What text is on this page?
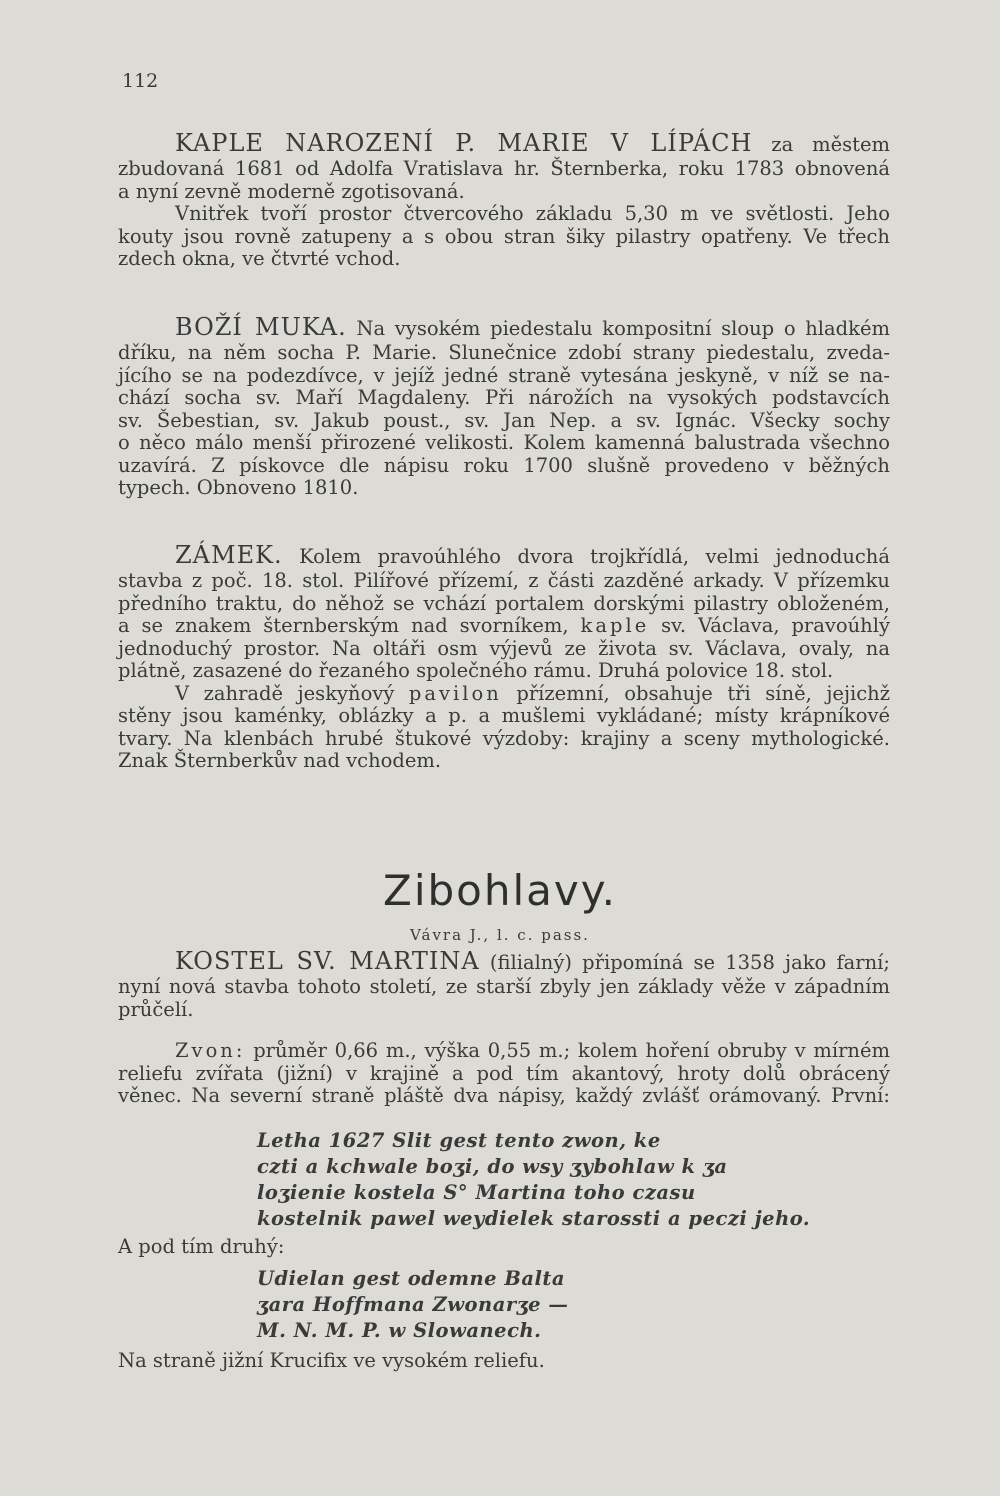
112
KAPLE NAROZENÍ P. MARIE V LÍPÁCH za městem
zbudovaná 1681 od Adolfa Vratislava hr. Šternberka, roku 1783 obnovená
a nyní zevně moderně zgotisovaná.
Vnitřek tvoří prostor čtvercového základu 5,30 m ve světlosti. Jeho
kouty jsou rovně zatupeny a s obou stran šiky pilastry opatřeny. Ve třech
zdech okna, ve čtvrté vchod.
BOŽÍ MUKA. Na vysokém piedestalu kompositní sloup o hladkém
dříku, na něm socha P. Marie. Slunečnice zdobí strany piedestalu, zveda-
jícího se na podezdívce, v jejíž jedné straně vytesána jeskyně, v níž se na-
chází socha sv. Maří Magdaleny. Při nárožích na vysokých podstavcích
sv. Šebestian, sv. Jakub poust., sv. Jan Nep. a sv. Ignác. Všecky sochy
o něco málo menší přirozené velikosti. Kolem kamenná balustrada všechno
uzavírá. Z pískovce dle nápisu roku 1700 slušně provedeno v běžných
typech. Obnoveno 1810.
ZÁMEK. Kolem pravoúhlého dvora trojkřídlá, velmi jednoduchá
stavba z poč. 18. stol. Pilířové přízemí, z části zazděné arkady. V přízemku
předního traktu, do něhož se vchází portalem dorskými pilastry obloženém,
a se znakem šternberským nad svorníkem, kaple sv. Václava, pravoúhlý
jednoduchý prostor. Na oltáři osm výjevů ze života sv. Václava, ovaly, na
plátně, zasazené do řezaného společného rámu. Druhá polovice 18. stol.
V zahradě jeskyňový pavilon přízemní, obsahuje tři síně, jejichž
stěny jsou kaménky, oblázky a p. a mušlemi vykládané; místy krápníkové
tvary. Na klenbách hrubé štukové výzdoby: krajiny a sceny mythologické.
Znak Šternberkův nad vchodem.
Zibohlavy.
Vávra J., l. c. pass.
KOSTEL SV. MARTINA (filialný) připomíná se 1358 jako farní;
nyní nová stavba tohoto století, ze starší zbyly jen základy věže v západním
průčelí.
Zvon: průměr 0,66 m., výška 0,55 m.; kolem hoření obruby v mírném
reliefu zvířata (jižní) v krajině a pod tím akantový, hroty dolů obrácený
věnec. Na severní straně pláště dva nápisy, každý zvlášť orámovaný. První:
Letha 1627 Slit gest tento zwon, ke
czti a kchwale boʒi, do wsy ʒybohlaw k ʒa
loʒienie kostela S° Martina toho czasu
kostelnik pawel weydielek starossti a peczi jeho.
A pod tím druhý:
Udielan gest odemne Balta
ʒara Hoffmana Zwonarʒe —
M. N. M. P. w Slowanech.
Na straně jižní Krucifix ve vysokém reliefu.
